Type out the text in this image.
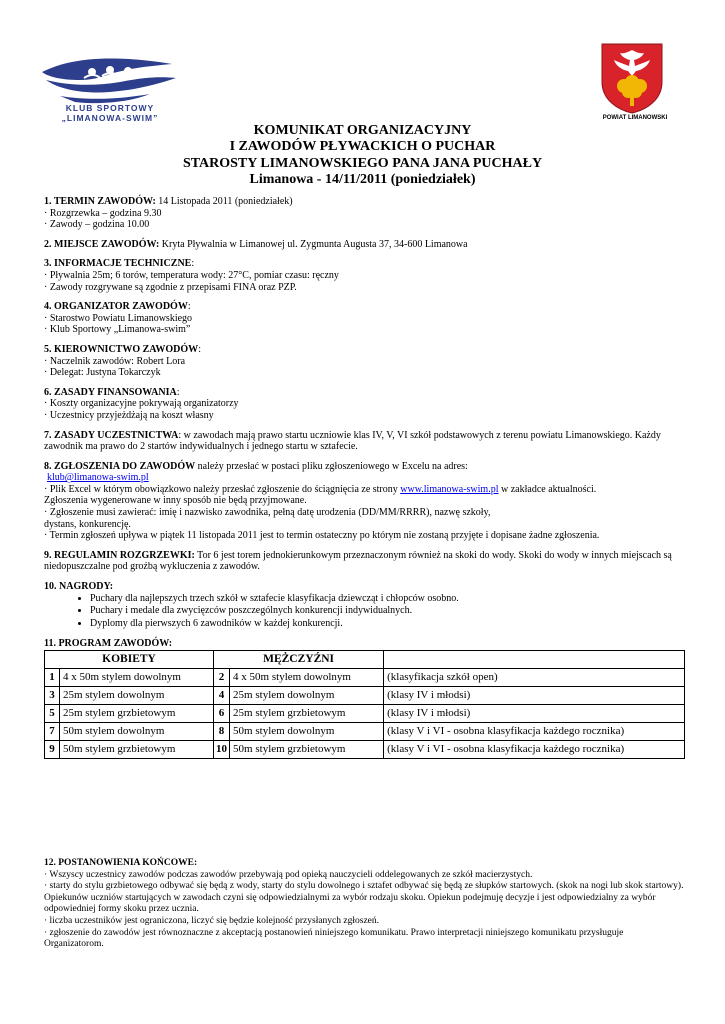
KLUB SPORTOWY
„LIMANOWA-SWIM”	POWIAT LIMANOWSKI
KOMUNIKAT ORGANIZACYJNY
I ZAWODÓW PŁYWACKICH O PUCHAR
STAROSTY LIMANOWSKIEGO PANA JANA PUCHAŁY
Limanowa - 14/11/2011 (poniedziałek)

1. TERMIN ZAWODÓW: 14 Listopada 2011 (poniedziałek)

· Rozgrzewka – godzina 9.30

· Zawody – godzina 10.00

2. MIEJSCE ZAWODÓW: Kryta Pływalnia w Limanowej ul. Zygmunta Augusta 37, 34-600 Limanowa

3. INFORMACJE TECHNICZNE:

· Pływalnia 25m; 6 torów, temperatura wody: 27°C, pomiar czasu: ręczny

· Zawody rozgrywane są zgodnie z przepisami FINA oraz PZP.

4. ORGANIZATOR ZAWODÓW:

· Starostwo Powiatu Limanowskiego

· Klub Sportowy „Limanowa-swim”

5. KIEROWNICTWO ZAWODÓW:

· Naczelnik zawodów: Robert Lora

· Delegat: Justyna Tokarczyk

6. ZASADY FINANSOWANIA:

· Koszty organizacyjne pokrywają organizatorzy

· Uczestnicy przyjeżdżają na koszt własny

7. ZASADY UCZESTNICTWA: w zawodach mają prawo startu uczniowie klas IV, V, VI szkół podstawowych z terenu powiatu Limanowskiego. Każdy zawodnik ma prawo do 2 startów indywidualnych i jednego startu w sztafecie.

8. ZGŁOSZENIA DO ZAWODÓW należy przesłać w postaci pliku zgłoszeniowego w Excelu na adres:

klub@limanowa-swim.pl

· Plik Excel w którym obowiązkowo należy przesłać zgłoszenie do ściągnięcia ze strony www.limanowa-swim.pl w zakładce aktualności.

Zgłoszenia wygenerowane w inny sposób nie będą przyjmowane.

· Zgłoszenie musi zawierać: imię i nazwisko zawodnika, pełną datę urodzenia (DD/MM/RRRR), nazwę szkoły,

dystans, konkurencję.

· Termin zgłoszeń upływa w piątek 11 listopada 2011 jest to termin ostateczny po którym nie zostaną przyjęte i dopisane żadne zgłoszenia.

9. REGULAMIN ROZGRZEWKI: Tor 6 jest torem jednokierunkowym przeznaczonym również na skoki do wody. Skoki do wody w innych miejscach są niedopuszczalne pod groźbą wykluczenia z zawodów.

10. NAGRODY:

• Puchary dla najlepszych trzech szkół w sztafecie klasyfikacja dziewcząt i chłopców osobno.
• Puchary i medale dla zwycięzców poszczególnych konkurencji indywidualnych.
• Dyplomy dla pierwszych 6 zawodników w każdej konkurencji.

11. PROGRAM ZAWODÓW:

KOBIETY		MĘŻCZYŹNI		
1	4 x 50m stylem dowolnym	2	4 x 50m stylem dowolnym	(klasyfikacja szkół open)
3	25m stylem dowolnym	4	25m stylem dowolnym	(klasy IV i młodsi)
5	25m stylem grzbietowym	6	25m stylem grzbietowym	(klasy IV i młodsi)
7	50m stylem dowolnym	8	50m stylem dowolnym	(klasy V i VI - osobna klasyfikacja każdego rocznika)
9	50m stylem grzbietowym	10	50m stylem grzbietowym	(klasy V i VI - osobna klasyfikacja każdego rocznika)

12. POSTANOWIENIA KOŃCOWE:

· Wszyscy uczestnicy zawodów podczas zawodów przebywają pod opieką nauczycieli oddelegowanych ze szkół macierzystych.

· starty do stylu grzbietowego odbywać się będą z wody, starty do stylu dowolnego i sztafet odbywać się będą ze słupków startowych. (skok na nogi lub skok startowy). Opiekunów uczniów startujących w zawodach czyni się odpowiedzialnymi za wybór rodzaju skoku. Opiekun podejmuję decyzje i jest odpowiedzialny za wybór odpowiedniej formy skoku przez ucznia.

· liczba uczestników jest ograniczona, liczyć się będzie kolejność przysłanych zgłoszeń.

· zgłoszenie do zawodów jest równoznaczne z akceptacją postanowień niniejszego komunikatu. Prawo interpretacji niniejszego komunikatu przysługuje Organizatorom.
